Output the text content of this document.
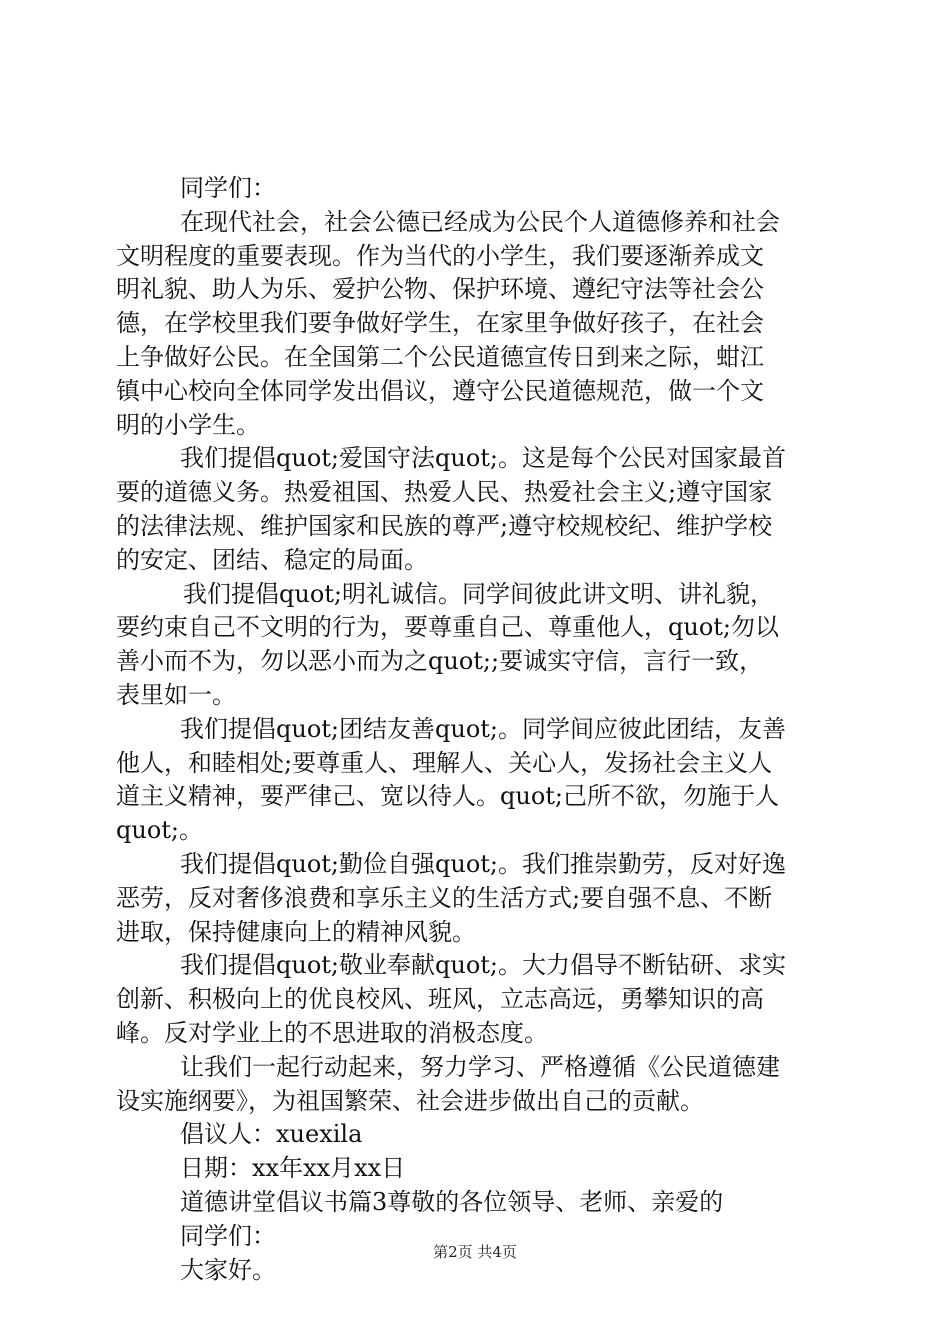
同学们：
在现代社会，社会公德已经成为公民个人道德修养和社会
文明程度的重要表现。作为当代的小学生，我们要逐渐养成文
明礼貌、助人为乐、爱护公物、保护环境、遵纪守法等社会公
德，在学校里我们要争做好学生，在家里争做好孩子，在社会
上争做好公民。在全国第二个公民道德宣传日到来之际，蚶江
镇中心校向全体同学发出倡议，遵守公民道德规范，做一个文
明的小学生。
我们提倡quot;爱国守法quot;。这是每个公民对国家最首
要的道德义务。热爱祖国、热爱人民、热爱社会主义;遵守国家
的法律法规、维护国家和民族的尊严;遵守校规校纪、维护学校
的安定、团结、稳定的局面。
我们提倡quot;明礼诚信。同学间彼此讲文明、讲礼貌，
要约束自己不文明的行为，要尊重自己、尊重他人，quot;勿以
善小而不为，勿以恶小而为之quot;;要诚实守信，言行一致，
表里如一。
我们提倡quot;团结友善quot;。同学间应彼此团结，友善
他人，和睦相处;要尊重人、理解人、关心人，发扬社会主义人
道主义精神，要严律己、宽以待人。quot;己所不欲，勿施于人
quot;。
我们提倡quot;勤俭自强quot;。我们推崇勤劳，反对好逸
恶劳，反对奢侈浪费和享乐主义的生活方式;要自强不息、不断
进取，保持健康向上的精神风貌。
我们提倡quot;敬业奉献quot;。大力倡导不断钻研、求实
创新、积极向上的优良校风、班风，立志高远，勇攀知识的高
峰。反对学业上的不思进取的消极态度。
让我们一起行动起来，努力学习、严格遵循《公民道德建
设实施纲要》，为祖国繁荣、社会进步做出自己的贡献。
倡议人：xuexila
日期：xx年xx月xx日
道德讲堂倡议书篇3尊敬的各位领导、老师、亲爱的
同学们：
大家好。
第2页 共4页
